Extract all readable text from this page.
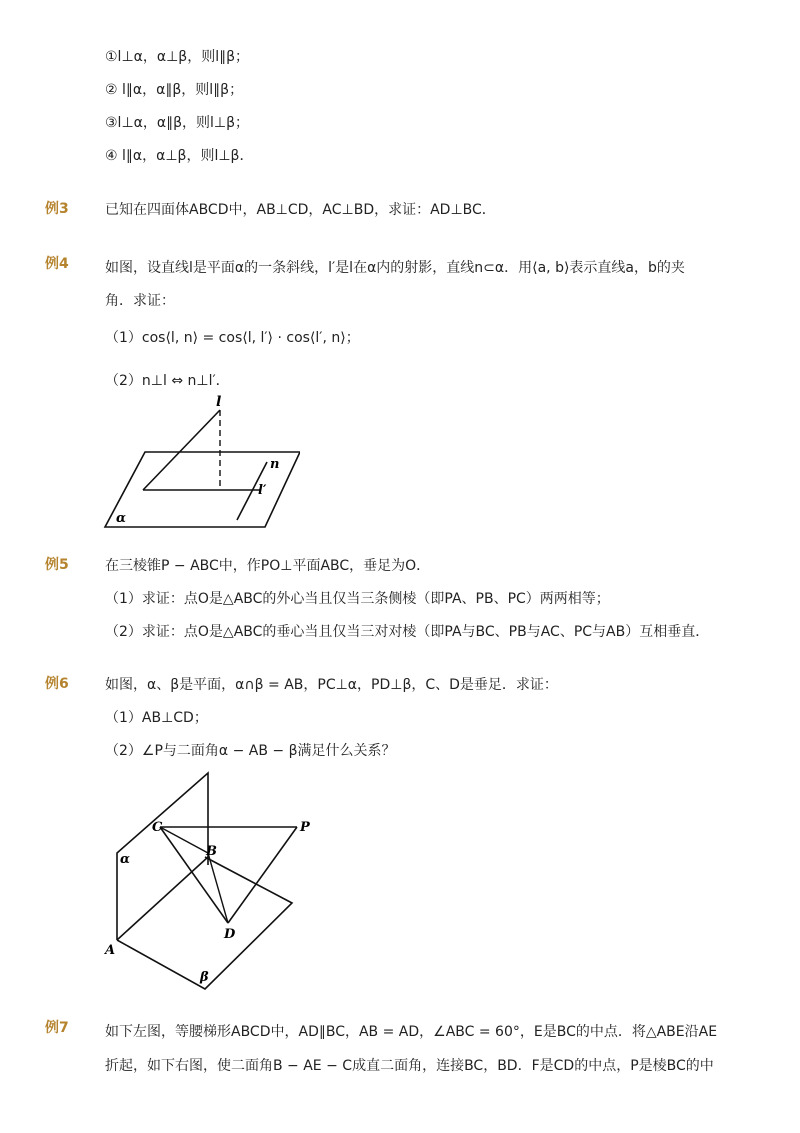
①l⊥α，α⊥β，则l∥β；
② l∥α，α∥β，则l∥β；
③l⊥α，α∥β，则l⊥β；
④ l∥α，α⊥β，则l⊥β．
例3	已知在四面体ABCD中，AB⊥CD，AC⊥BD，求证：AD⊥BC．
例4	如图，设直线l是平面α的一条斜线，l′是l在α内的射影，直线n⊂α．用⟨a, b⟩表示直线a，b的夹
角．求证：
（1）cos⟨l, n⟩ = cos⟨l, l′⟩ · cos⟨l′, n⟩；
（2）n⊥l ⇔ n⊥l′．
l
n
l′
α
例5	在三棱锥P − ABC中，作PO⊥平面ABC，垂足为O．
（1）求证：点O是△ABC的外心当且仅当三条侧棱（即PA、PB、PC）两两相等；
（2）求证：点O是△ABC的垂心当且仅当三对对棱（即PA与BC、PB与AC、PC与AB）互相垂直．
例6	如图，α、β是平面，α∩β = AB，PC⊥α，PD⊥β，C、D是垂足．求证：
（1）AB⊥CD；
（2）∠P与二面角α − AB − β满足什么关系？
C	P
B
D
A
α
β
例7	如下左图，等腰梯形ABCD中，AD∥BC，AB = AD，∠ABC = 60°，E是BC的中点．将△ABE沿AE
折起，如下右图，使二面角B − AE − C成直二面角，连接BC，BD．F是CD的中点，P是棱BC的中
